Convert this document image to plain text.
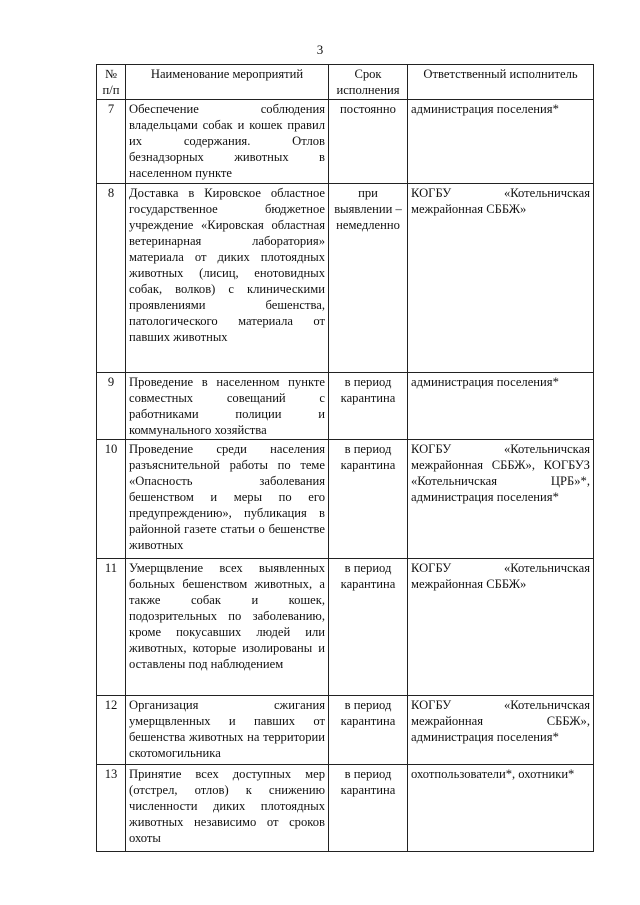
3
№ п/п	Наименование мероприятий	Срок исполнения	Ответственный исполнитель
7	Обеспечение соблюдения владельцами собак и кошек правил их содержания. Отлов безнадзорных животных в населенном пункте	постоянно	администрация поселения*
8	Доставка в Кировское областное государственное бюджетное учреждение «Кировская областная ветеринарная лаборатория» материала от диких плотоядных животных (лисиц, енотовидных собак, волков) с клиническими проявлениями бешенства, патологического материала от павших животных	при выявлении – немедленно	КОГБУ «Котельничская межрайонная СББЖ»
9	Проведение в населенном пункте совместных совещаний с работниками полиции и коммунального хозяйства	в период карантина	администрация поселения*
10	Проведение среди населения разъяснительной работы по теме «Опасность заболевания бешенством и меры по его предупреждению», публикация в районной газете статьи о бешенстве животных	в период карантина	КОГБУ «Котельничская межрайонная СББЖ», КОГБУЗ «Котельничская ЦРБ»*, администрация поселения*
11	Умерщвление всех выявленных больных бешенством животных, а также собак и кошек, подозрительных по заболеванию, кроме покусавших людей или животных, которые изолированы и оставлены под наблюдением	в период карантина	КОГБУ «Котельничская межрайонная СББЖ»
12	Организация сжигания умерщвленных и павших от бешенства животных на территории скотомогильника	в период карантина	КОГБУ «Котельничская межрайонная СББЖ», администрация поселения*
13	Принятие всех доступных мер (отстрел, отлов) к снижению численности диких плотоядных животных независимо от сроков охоты	в период карантина	охотпользователи*, охотники*
